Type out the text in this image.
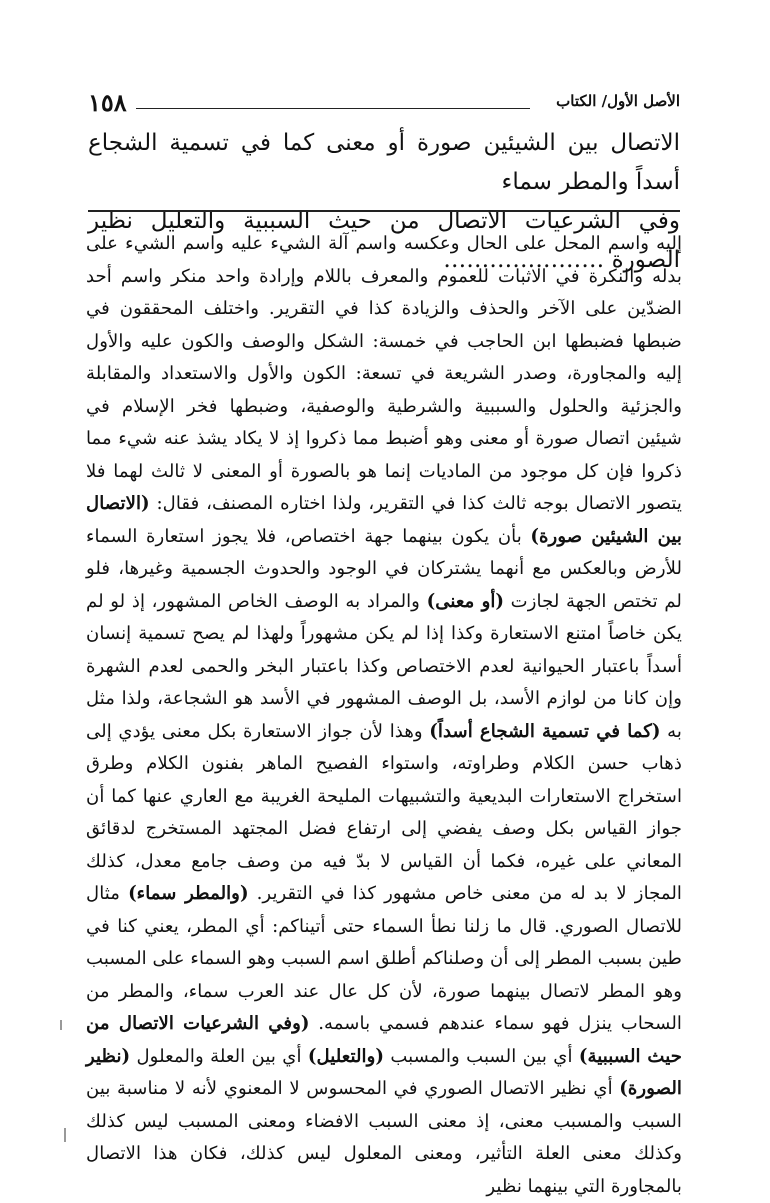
١٥٨	الأصل الأول/ الكتاب
الاتصال بين الشيئين صورة أو معنى كما في تسمية الشجاع أسداً والمطر سماء
وفي الشرعيات الاتصال من حيث السببية والتعليل نظير الصورة …………………
إليه واسم المحل على الحال وعكسه واسم آلة الشيء عليه واسم الشيء على بدله والنكرة في الاثبات للعموم والمعرف باللام وإرادة واحد منكر واسم أحد الضدّين على الآخر والحذف والزيادة كذا في التقرير. واختلف المحققون في ضبطها فضبطها ابن الحاجب في خمسة: الشكل والوصف والكون عليه والأول إليه والمجاورة، وصدر الشريعة في تسعة: الكون والأول والاستعداد والمقابلة والجزئية والحلول والسببية والشرطية والوصفية، وضبطها فخر الإسلام في شيئين اتصال صورة أو معنى وهو أضبط مما ذكروا إذ لا يكاد يشذ عنه شيء مما ذكروا فإن كل موجود من الماديات إنما هو بالصورة أو المعنى لا ثالث لهما فلا يتصور الاتصال بوجه ثالث كذا في التقرير، ولذا اختاره المصنف، فقال: (الاتصال بين الشيئين صورة) بأن يكون بينهما جهة اختصاص، فلا يجوز استعارة السماء للأرض وبالعكس مع أنهما يشتركان في الوجود والحدوث الجسمية وغيرها، فلو لم تختص الجهة لجازت (أو معنى) والمراد به الوصف الخاص المشهور، إذ لو لم يكن خاصاً امتنع الاستعارة وكذا إذا لم يكن مشهوراً ولهذا لم يصح تسمية إنسان أسداً باعتبار الحيوانية لعدم الاختصاص وكذا باعتبار البخر والحمى لعدم الشهرة وإن كانا من لوازم الأسد، بل الوصف المشهور في الأسد هو الشجاعة، ولذا مثل به (كما في تسمية الشجاع أسداً) وهذا لأن جواز الاستعارة بكل معنى يؤدي إلى ذهاب حسن الكلام وطراوته، واستواء الفصيح الماهر بفنون الكلام وطرق استخراج الاستعارات البديعية والتشبيهات المليحة الغريبة مع العاري عنها كما أن جواز القياس بكل وصف يفضي إلى ارتفاع فضل المجتهد المستخرج لدقائق المعاني على غيره، فكما أن القياس لا بدّ فيه من وصف جامع معدل، كذلك المجاز لا بد له من معنى خاص مشهور كذا في التقرير. (والمطر سماء) مثال للاتصال الصوري. قال ما زلنا نطأ السماء حتى أتيناكم: أي المطر، يعني كنا في طين بسبب المطر إلى أن وصلناكم أطلق اسم السبب وهو السماء على المسبب وهو المطر لاتصال بينهما صورة، لأن كل عال عند العرب سماء، والمطر من السحاب ينزل فهو سماء عندهم فسمي باسمه. (وفي الشرعيات الاتصال من حيث السببية) أي بين السبب والمسبب (والتعليل) أي بين العلة والمعلول (نظير الصورة) أي نظير الاتصال الصوري في المحسوس لا المعنوي لأنه لا مناسبة بين السبب والمسبب معنى، إذ معنى السبب الافضاء ومعنى المسبب ليس كذلك وكذلك معنى العلة التأثير، ومعنى المعلول ليس كذلك، فكان هذا الاتصال بالمجاورة التي بينهما نظير
